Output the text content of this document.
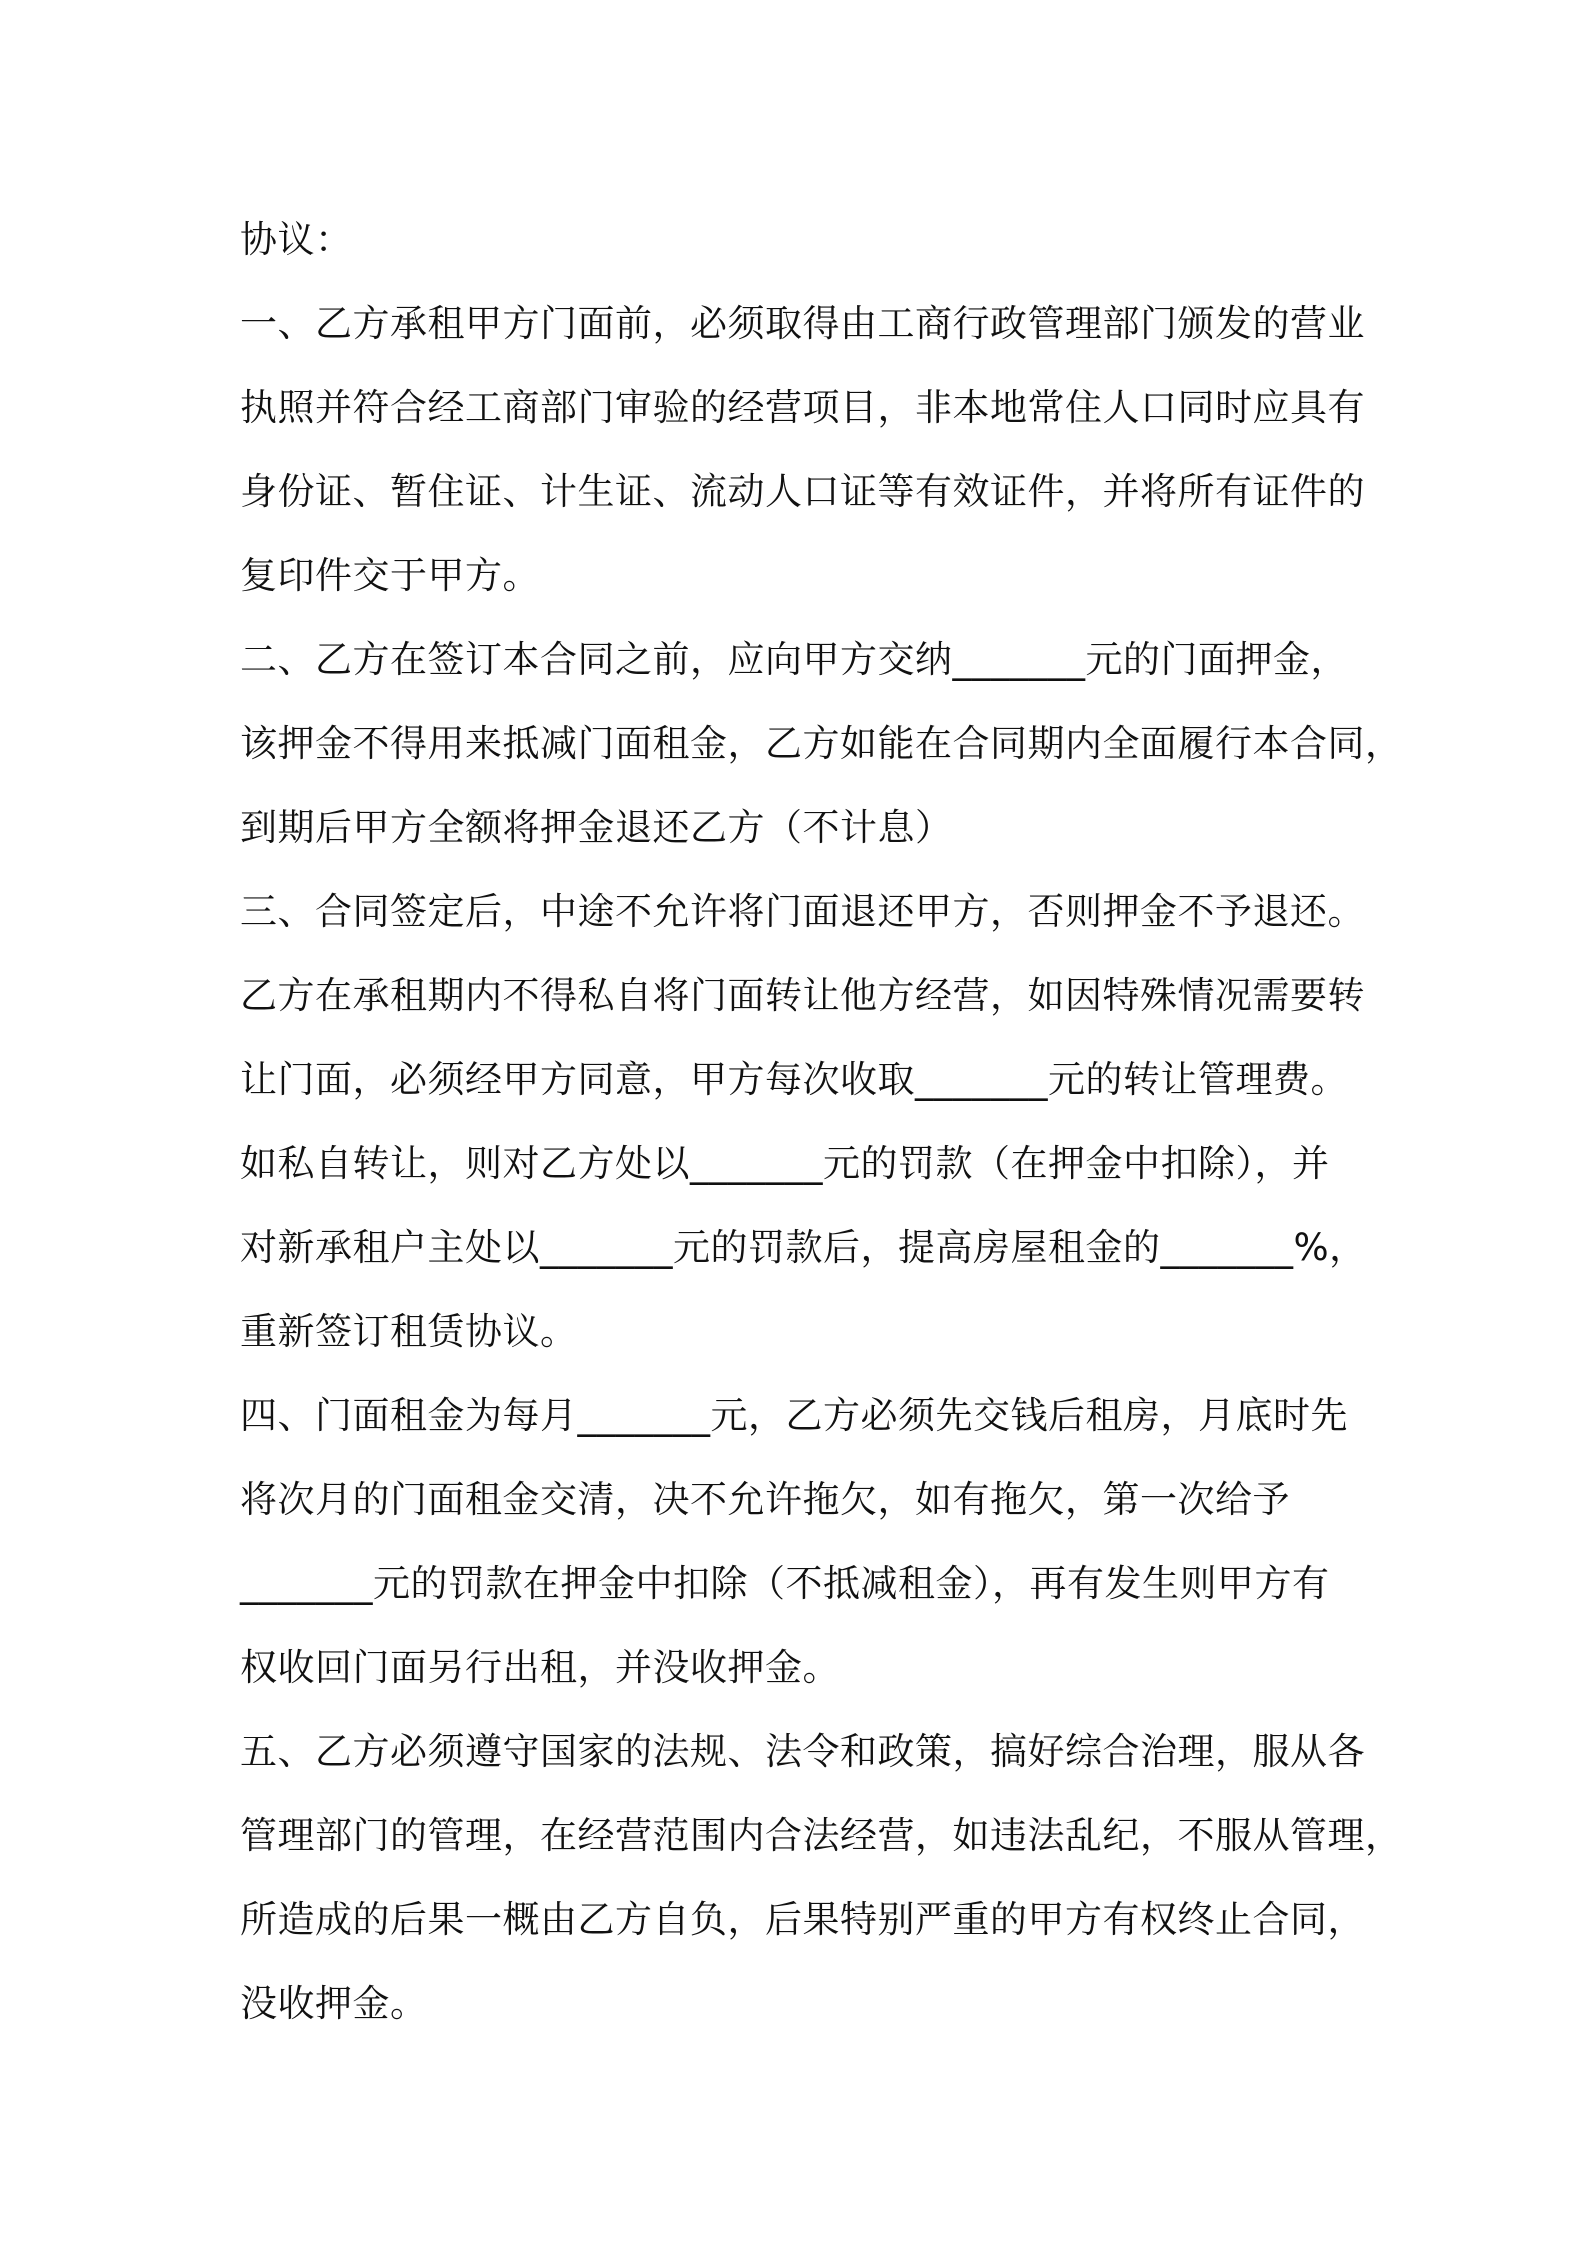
协议：
一、乙方承租甲方门面前，必须取得由工商行政管理部门颁发的营业
执照并符合经工商部门审验的经营项目，非本地常住人口同时应具有
身份证、暂住证、计生证、流动人口证等有效证件，并将所有证件的
复印件交于甲方。
二、乙方在签订本合同之前，应向甲方交纳_______元的门面押金，
该押金不得用来抵减门面租金，乙方如能在合同期内全面履行本合同，
到期后甲方全额将押金退还乙方（不计息）
三、合同签定后，中途不允许将门面退还甲方，否则押金不予退还。
乙方在承租期内不得私自将门面转让他方经营，如因特殊情况需要转
让门面，必须经甲方同意，甲方每次收取_______元的转让管理费。
如私自转让，则对乙方处以_______元的罚款（在押金中扣除），并
对新承租户主处以_______元的罚款后，提高房屋租金的_______%，
重新签订租赁协议。
四、门面租金为每月_______元，乙方必须先交钱后租房，月底时先
将次月的门面租金交清，决不允许拖欠，如有拖欠，第一次给予
_______元的罚款在押金中扣除（不抵减租金），再有发生则甲方有
权收回门面另行出租，并没收押金。
五、乙方必须遵守国家的法规、法令和政策，搞好综合治理，服从各
管理部门的管理，在经营范围内合法经营，如违法乱纪，不服从管理，
所造成的后果一概由乙方自负，后果特别严重的甲方有权终止合同，
没收押金。
